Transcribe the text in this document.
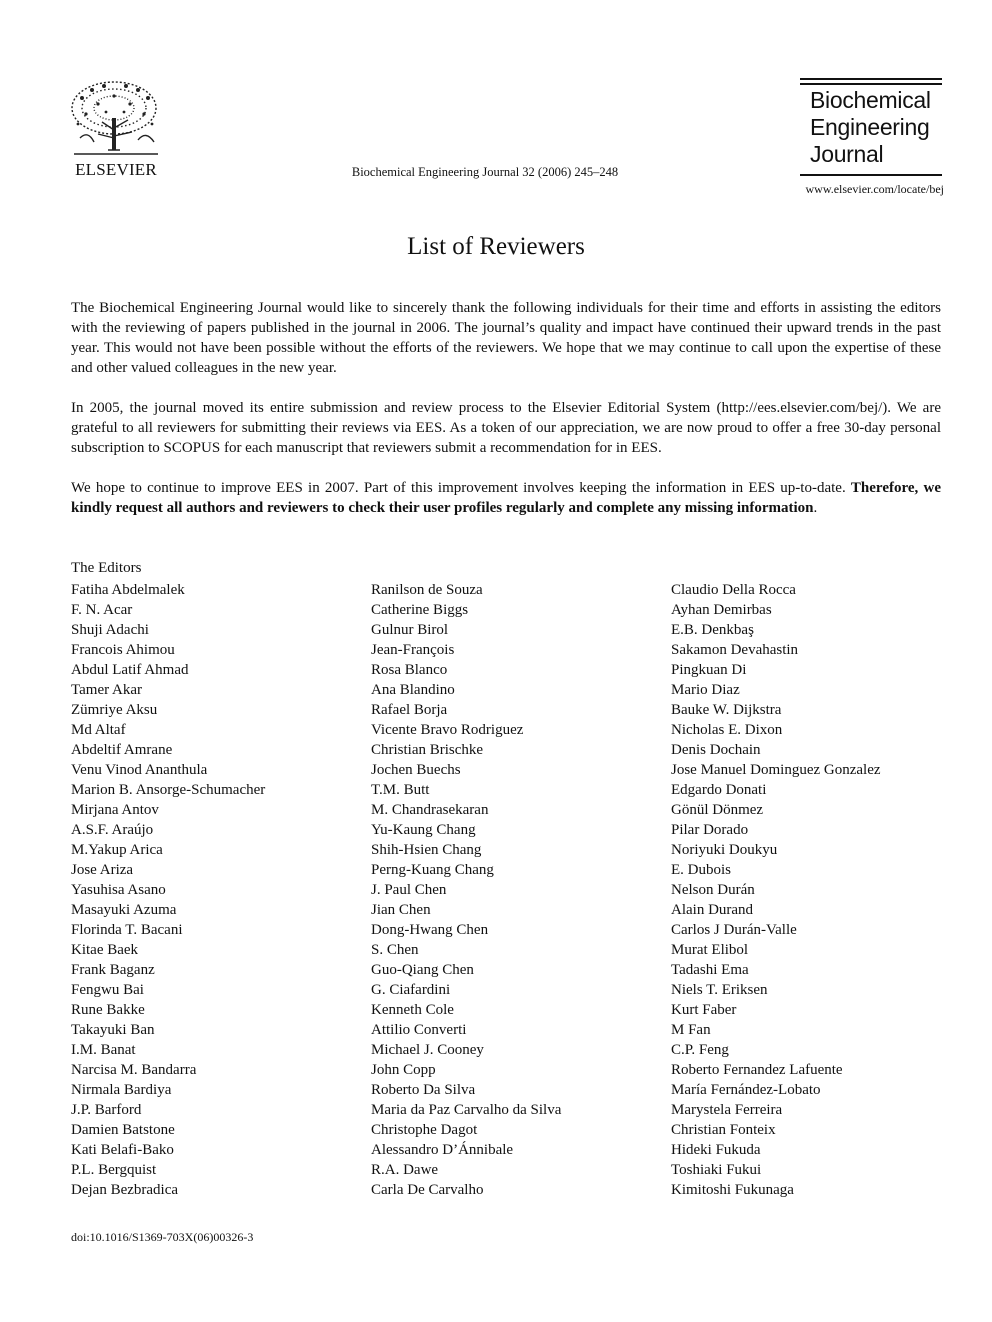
ELSEVIER	Biochemical Engineering Journal 32 (2006) 245–248
Biochemical
Engineering
Journal
www.elsevier.com/locate/bej
List of Reviewers

The Biochemical Engineering Journal would like to sincerely thank the following individuals for their time and efforts in assisting the editors with the reviewing of papers published in the journal in 2006. The journal’s quality and impact have continued their upward trends in the past year. This would not have been possible without the efforts of the reviewers. We hope that we may continue to call upon the expertise of these and other valued colleagues in the new year.

In 2005, the journal moved its entire submission and review process to the Elsevier Editorial System (http://ees.elsevier.com/bej/). We are grateful to all reviewers for submitting their reviews via EES. As a token of our appreciation, we are now proud to offer a free 30-day personal subscription to SCOPUS for each manuscript that reviewers submit a recommendation for in EES.

We hope to continue to improve EES in 2007. Part of this improvement involves keeping the information in EES up-to-date. Therefore, we kindly request all authors and reviewers to check their user profiles regularly and complete any missing information.

The Editors
Fatiha Abdelmalek
F. N. Acar
Shuji Adachi
Francois Ahimou
Abdul Latif Ahmad
Tamer Akar
Zümriye Aksu
Md Altaf
Abdeltif Amrane
Venu Vinod Ananthula
Marion B. Ansorge-Schumacher
Mirjana Antov
A.S.F. Araújo
M.Yakup Arica
Jose Ariza
Yasuhisa Asano
Masayuki Azuma
Florinda T. Bacani
Kitae Baek
Frank Baganz
Fengwu Bai
Rune Bakke
Takayuki Ban
I.M. Banat
Narcisa M. Bandarra
Nirmala Bardiya
J.P. Barford
Damien Batstone
Kati Belafi-Bako
P.L. Bergquist
Dejan Bezbradica
Ranilson de Souza
Catherine Biggs
Gulnur Birol
Jean-François
Rosa Blanco
Ana Blandino
Rafael Borja
Vicente Bravo Rodriguez
Christian Brischke
Jochen Buechs
T.M. Butt
M. Chandrasekaran
Yu-Kaung Chang
Shih-Hsien Chang
Perng-Kuang Chang
J. Paul Chen
Jian Chen
Dong-Hwang Chen
S. Chen
Guo-Qiang Chen
G. Ciafardini
Kenneth Cole
Attilio Converti
Michael J. Cooney
John Copp
Roberto Da Silva
Maria da Paz Carvalho da Silva
Christophe Dagot
Alessandro D’Ánnibale
R.A. Dawe
Carla De Carvalho
Claudio Della Rocca
Ayhan Demirbas
E.B. Denkbaş
Sakamon Devahastin
Pingkuan Di
Mario Diaz
Bauke W. Dijkstra
Nicholas E. Dixon
Denis Dochain
Jose Manuel Dominguez Gonzalez
Edgardo Donati
Gönül Dönmez
Pilar Dorado
Noriyuki Doukyu
E. Dubois
Nelson Durán
Alain Durand
Carlos J Durán-Valle
Murat Elibol
Tadashi Ema
Niels T. Eriksen
Kurt Faber
M Fan
C.P. Feng
Roberto Fernandez Lafuente
María Fernández-Lobato
Marystela Ferreira
Christian Fonteix
Hideki Fukuda
Toshiaki Fukui
Kimitoshi Fukunaga
doi:10.1016/S1369-703X(06)00326-3
